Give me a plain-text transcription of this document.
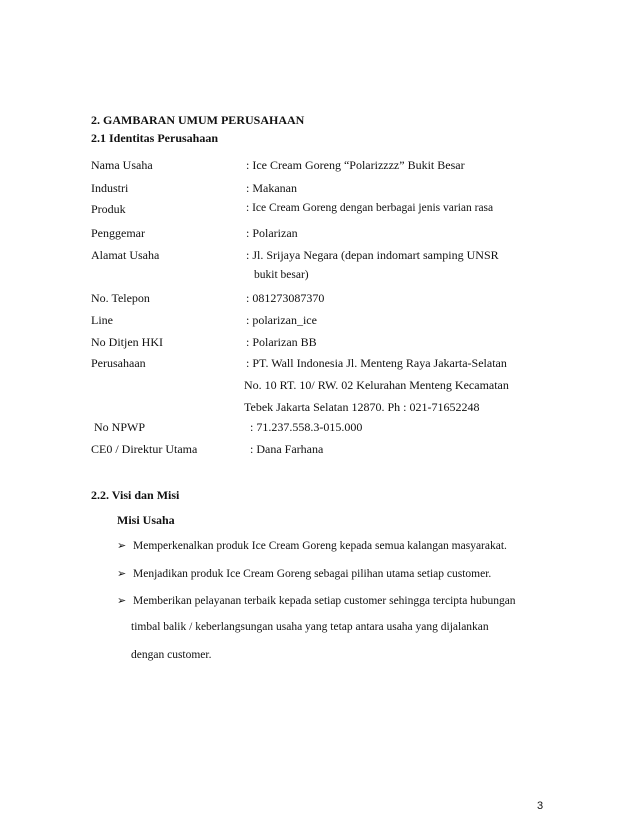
2. GAMBARAN UMUM PERUSAHAAN
2.1 Identitas Perusahaan
Nama Usaha	: Ice Cream Goreng “Polarizzzz” Bukit Besar
Industri	: Makanan
Produk	: Ice Cream Goreng dengan berbagai jenis varian rasa
Penggemar	: Polarizan
Alamat Usaha	: Jl. Srijaya Negara (depan indomart samping UNSR
bukit besar)
No. Telepon	: 081273087370
Line	: polarizan_ice
No Ditjen HKI	: Polarizan BB
Perusahaan	: PT. Wall Indonesia Jl. Menteng Raya Jakarta-Selatan
No. 10 RT. 10/ RW. 02 Kelurahan Menteng Kecamatan
Tebek Jakarta Selatan 12870. Ph : 021-71652248
No NPWP	: 71.237.558.3-015.000
CE0 / Direktur Utama	: Dana Farhana
2.2. Visi dan Misi
Misi Usaha
➢ Memperkenalkan produk Ice Cream Goreng kepada semua kalangan masyarakat.
➢ Menjadikan produk Ice Cream Goreng sebagai pilihan utama setiap customer.
➢ Memberikan pelayanan terbaik kepada setiap customer sehingga tercipta hubungan
timbal balik / keberlangsungan usaha yang tetap antara usaha yang dijalankan
dengan customer.
3
